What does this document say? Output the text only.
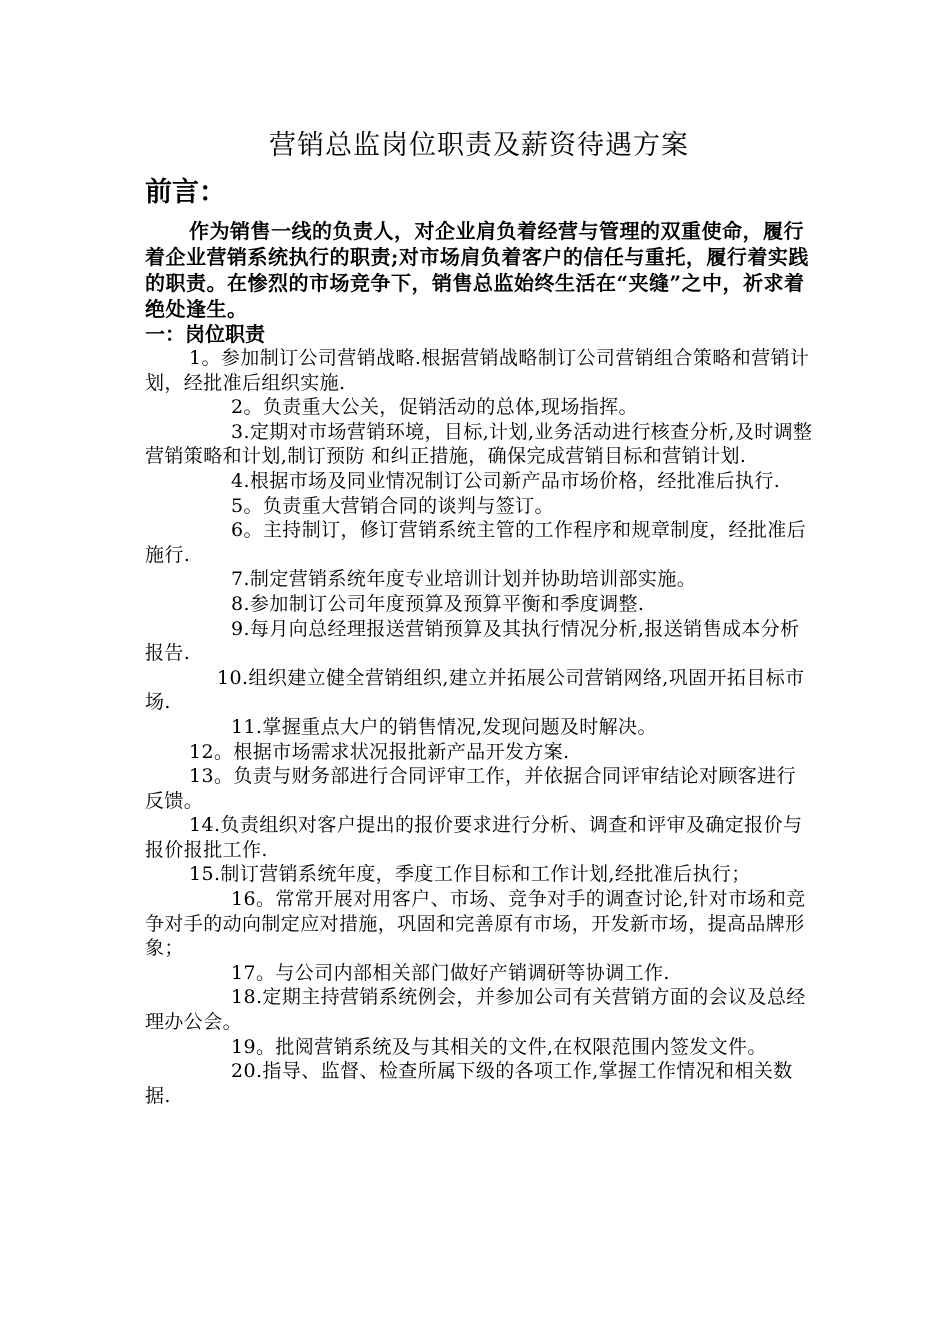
营销总监岗位职责及薪资待遇方案
前言：

作为销售一线的负责人，对企业肩负着经营与管理的双重使命，履行着企业营销系统执行的职责;对市场肩负着客户的信任与重托，履行着实践的职责。在惨烈的市场竞争下，销售总监始终生活在“夹缝”之中，祈求着绝处逢生。

一：岗位职责

1。参加制订公司营销战略.根据营销战略制订公司营销组合策略和营销计划，经批准后组织实施.

2。负责重大公关，促销活动的总体,现场指挥。

3.定期对市场营销环境，目标,计划,业务活动进行核查分析,及时调整营销策略和计划,制订预防 和纠正措施，确保完成营销目标和营销计划.

4.根据市场及同业情况制订公司新产品市场价格，经批准后执行.

5。负责重大营销合同的谈判与签订。

6。主持制订，修订营销系统主管的工作程序和规章制度，经批准后施行.

7.制定营销系统年度专业培训计划并协助培训部实施。

8.参加制订公司年度预算及预算平衡和季度调整.

9.每月向总经理报送营销预算及其执行情况分析,报送销售成本分析报告.

10.组织建立健全营销组织,建立并拓展公司营销网络,巩固开拓目标市场.

11.掌握重点大户的销售情况,发现问题及时解决。

12。根据市场需求状况报批新产品开发方案.

13。负责与财务部进行合同评审工作，并依据合同评审结论对顾客进行反馈。

14.负责组织对客户提出的报价要求进行分析、调查和评审及确定报价与报价报批工作.

15.制订营销系统年度，季度工作目标和工作计划,经批准后执行；

16。常常开展对用客户、市场、竞争对手的调查讨论,针对市场和竞争对手的动向制定应对措施，巩固和完善原有市场，开发新市场，提高品牌形象；

17。与公司内部相关部门做好产销调研等协调工作.

18.定期主持营销系统例会，并参加公司有关营销方面的会议及总经理办公会。

19。批阅营销系统及与其相关的文件,在权限范围内签发文件。

20.指导、监督、检查所属下级的各项工作,掌握工作情况和相关数据.
